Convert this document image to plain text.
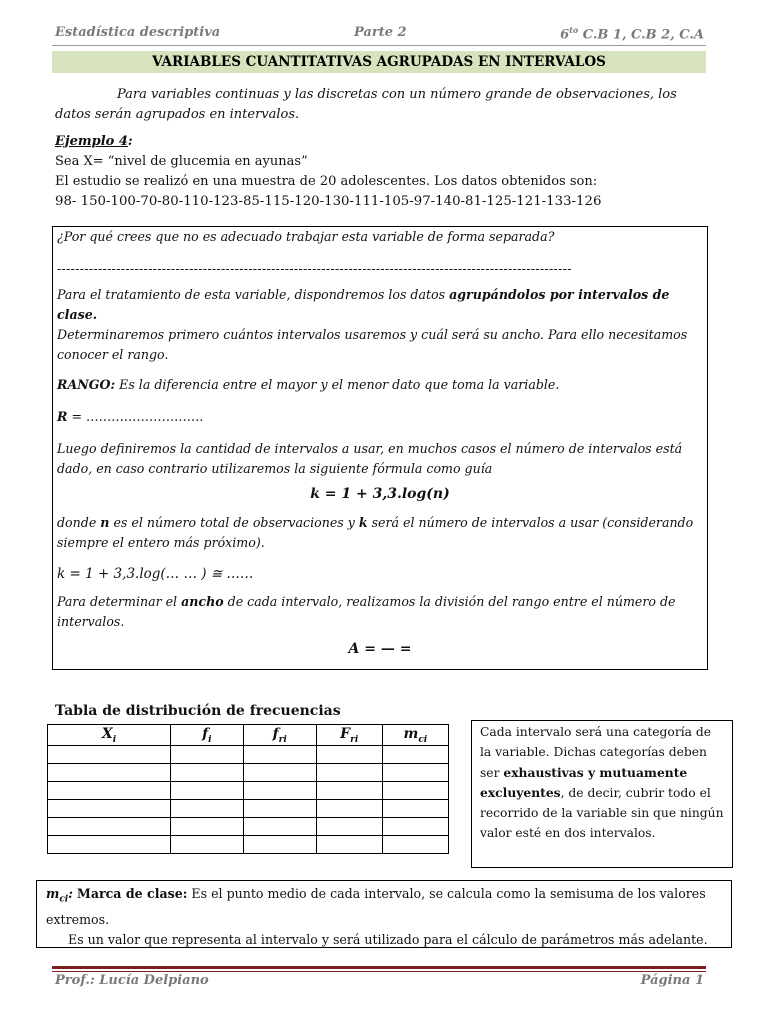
Estadística descriptiva	Parte 2	$6^{to}$ C.B 1, C.B 2, C.A
VARIABLES CUANTITATIVAS AGRUPADAS EN INTERVALOS
Para variables continuas y las discretas con un número grande de observaciones, los datos serán agrupados en intervalos.
Ejemplo 4:
Sea X= “nivel de glucemia en ayunas”
El estudio se realizó en una muestra de 20 adolescentes. Los datos obtenidos son:
98- 150-100-70-80-110-123-85-115-120-130-111-105-97-140-81-125-121-133-126
¿Por qué crees que no es adecuado trabajar esta variable de forma separada?
-----------------------------------------------------------------------------------------------------------------
Para el tratamiento de esta variable, dispondremos los datos agrupándolos por intervalos de clase.
Determinaremos primero cuántos intervalos usaremos y cuál será su ancho. Para ello necesitamos conocer el rango.
RANGO: Es la diferencia entre el mayor y el menor dato que toma la variable.
R = ……………………….
Luego definiremos la cantidad de intervalos a usar, en muchos casos el número de intervalos está dado, en caso contrario utilizaremos la siguiente fórmula como guía
k = 1 + 3,3.log(n)
donde n es el número total de observaciones y k será el número de intervalos a usar (considerando siempre el entero más próximo).
k = 1 + 3,3.log(… … ) ≅ ……
Para determinar el ancho de cada intervalo, realizamos la división del rango entre el número de intervalos.
A = — =
Tabla de distribución de frecuencias
$X_i$	$f_i$	$f_{ri}$	$F_{ri}$	$m_{ci}$

Cada intervalo será una categoría de la variable. Dichas categorías deben ser exhaustivas y mutuamente excluyentes, de decir, cubrir todo el recorrido de la variable sin que ningún valor esté en dos intervalos.
$m_{ci}$: Marca de clase: Es el punto medio de cada intervalo, se calcula como la semisuma de los valores extremos.
Es un valor que representa al intervalo y será utilizado para el cálculo de parámetros más adelante.
Prof.: Lucía Delpiano	Página 1
